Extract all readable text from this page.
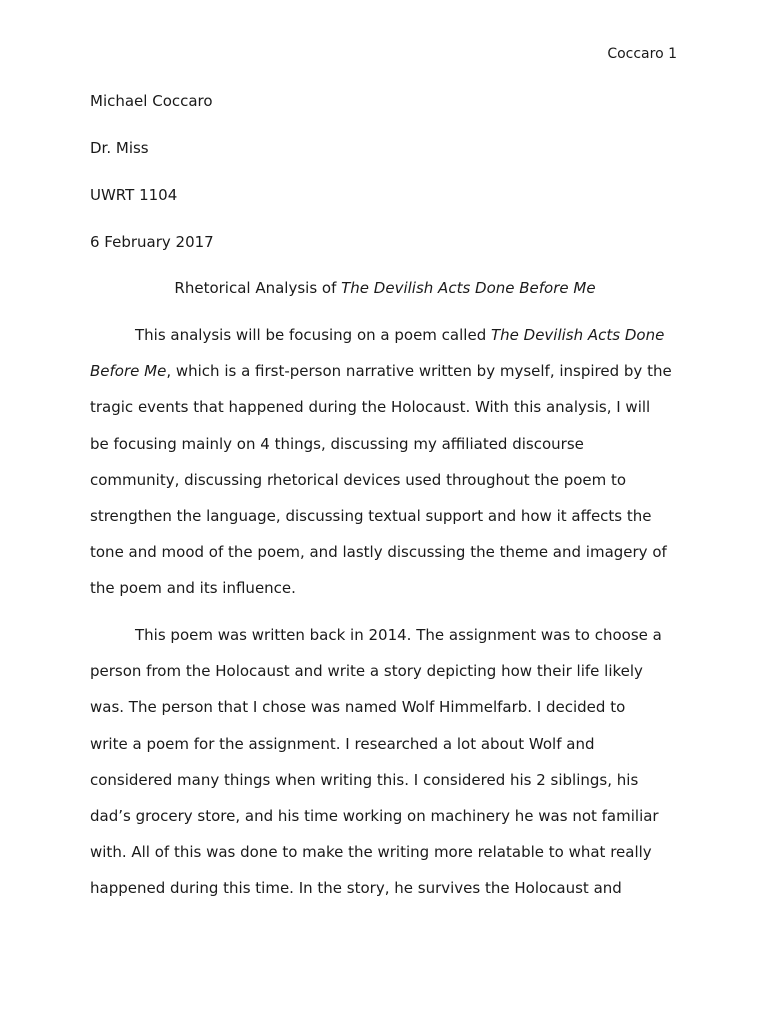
Coccaro 1
Michael Coccaro
Dr. Miss
UWRT 1104
6 February 2017
Rhetorical Analysis of The Devilish Acts Done Before Me
This analysis will be focusing on a poem called The Devilish Acts Done
Before Me, which is a first-person narrative written by myself, inspired by the
tragic events that happened during the Holocaust. With this analysis, I will
be focusing mainly on 4 things, discussing my affiliated discourse
community, discussing rhetorical devices used throughout the poem to
strengthen the language, discussing textual support and how it affects the
tone and mood of the poem, and lastly discussing the theme and imagery of
the poem and its influence.
This poem was written back in 2014. The assignment was to choose a
person from the Holocaust and write a story depicting how their life likely
was. The person that I chose was named Wolf Himmelfarb. I decided to
write a poem for the assignment. I researched a lot about Wolf and
considered many things when writing this. I considered his 2 siblings, his
dad’s grocery store, and his time working on machinery he was not familiar
with. All of this was done to make the writing more relatable to what really
happened during this time. In the story, he survives the Holocaust and
